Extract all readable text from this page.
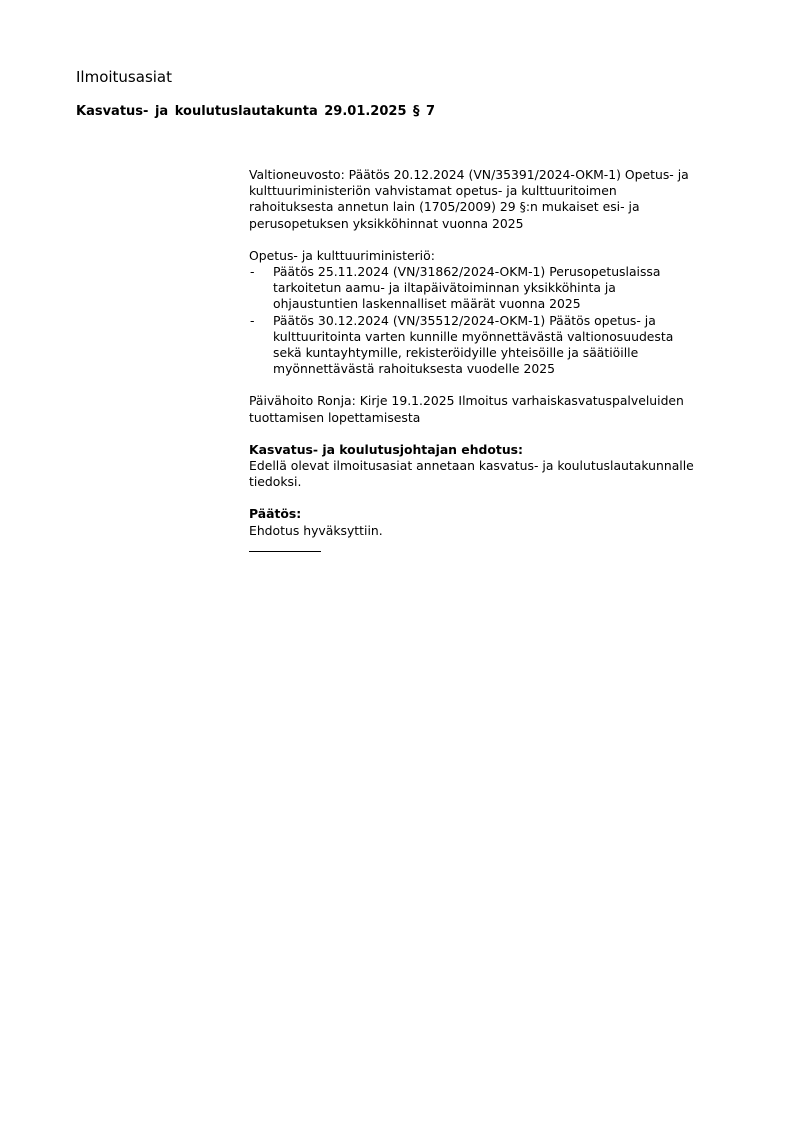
Ilmoitusasiat
Kasvatus- ja koulutuslautakunta 29.01.2025 § 7
Valtioneuvosto: Päätös 20.12.2024 (VN/35391/2024-OKM-1) Opetus- ja
kulttuuriministeriön vahvistamat opetus- ja kulttuuritoimen
rahoituksesta annetun lain (1705/2009) 29 §:n mukaiset esi- ja
perusopetuksen yksikköhinnat vuonna 2025
Opetus- ja kulttuuriministeriö:
- Päätös 25.11.2024 (VN/31862/2024-OKM-1) Perusopetuslaissa
tarkoitetun aamu- ja iltapäivätoiminnan yksikköhinta ja
ohjaustuntien laskennalliset määrät vuonna 2025
- Päätös 30.12.2024 (VN/35512/2024-OKM-1) Päätös opetus- ja
kulttuuritointa varten kunnille myönnettävästä valtionosuudesta
sekä kuntayhtymille, rekisteröidyille yhteisöille ja säätiöille
myönnettävästä rahoituksesta vuodelle 2025
Päivähoito Ronja: Kirje 19.1.2025 Ilmoitus varhaiskasvatuspalveluiden
tuottamisen lopettamisesta
Kasvatus- ja koulutusjohtajan ehdotus:
Edellä olevat ilmoitusasiat annetaan kasvatus- ja koulutuslautakunnalle
tiedoksi.
Päätös:
Ehdotus hyväksyttiin.
